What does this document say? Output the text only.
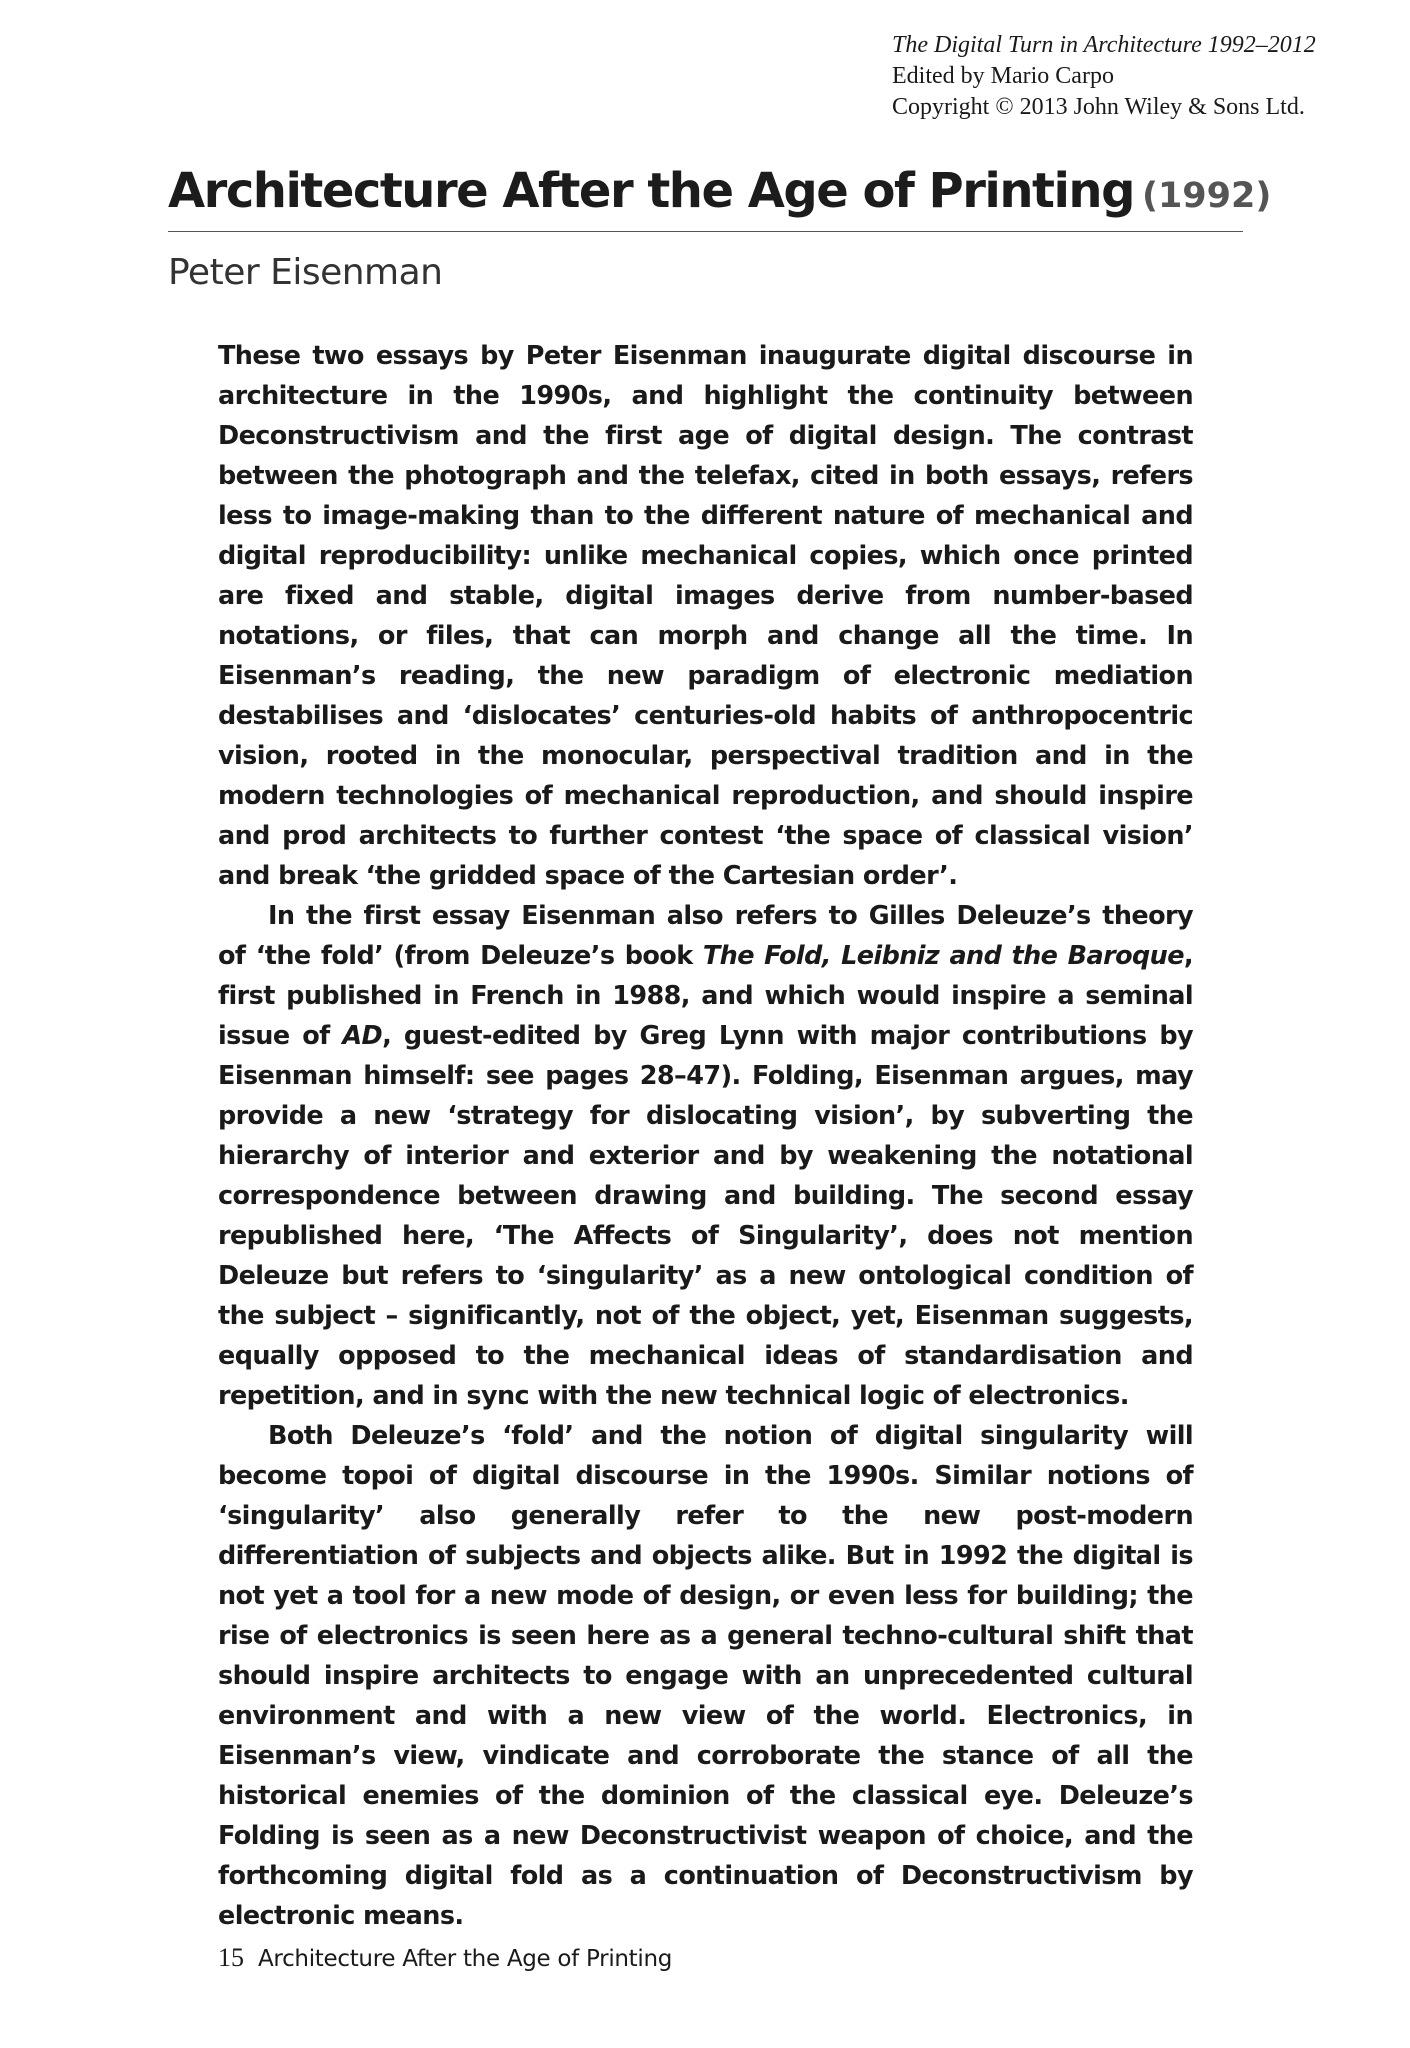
The Digital Turn in Architecture 1992–2012
Edited by Mario Carpo
Copyright © 2013 John Wiley & Sons Ltd.
Architecture After the Age of Printing (1992)
Peter Eisenman

These two essays by Peter Eisenman inaugurate digital discourse in architecture in the 1990s, and highlight the continuity between Deconstructivism and the first age of digital design. The contrast between the photograph and the telefax, cited in both essays, refers less to image-making than to the different nature of mechanical and digital reproducibility: unlike mechanical copies, which once printed are fixed and stable, digital images derive from number-based notations, or files, that can morph and change all the time. In Eisenman’s reading, the new paradigm of electronic mediation destabilises and ‘dislocates’ centuries-old habits of anthropocentric vision, rooted in the monocular, perspectival tradition and in the modern technologies of mechanical reproduction, and should inspire and prod architects to further contest ‘the space of classical vision’ and break ‘the gridded space of the Cartesian order’.

In the first essay Eisenman also refers to Gilles Deleuze’s theory of ‘the fold’ (from Deleuze’s book The Fold, Leibniz and the Baroque, first published in French in 1988, and which would inspire a seminal issue of AD, guest-edited by Greg Lynn with major contributions by Eisenman himself: see pages 28–47). Folding, Eisenman argues, may provide a new ‘strategy for dislocating vision’, by subverting the hierarchy of interior and exterior and by weakening the notational correspondence between drawing and building. The second essay republished here, ‘The Affects of Singularity’, does not mention Deleuze but refers to ‘singularity’ as a new ontological condition of the subject – significantly, not of the object, yet, Eisenman suggests, equally opposed to the mechanical ideas of standardisation and repetition, and in sync with the new technical logic of electronics.

Both Deleuze’s ‘fold’ and the notion of digital singularity will become topoi of digital discourse in the 1990s. Similar notions of ‘singularity’ also generally refer to the new post-modern differentiation of subjects and objects alike. But in 1992 the digital is not yet a tool for a new mode of design, or even less for building; the rise of electronics is seen here as a general techno-cultural shift that should inspire architects to engage with an unprecedented cultural environment and with a new view of the world. Electronics, in Eisenman’s view, vindicate and corroborate the stance of all the historical enemies of the dominion of the classical eye. Deleuze’s Folding is seen as a new Deconstructivist weapon of choice, and the forthcoming digital fold as a continuation of Deconstructivism by electronic means.

15 Architecture After the Age of Printing
